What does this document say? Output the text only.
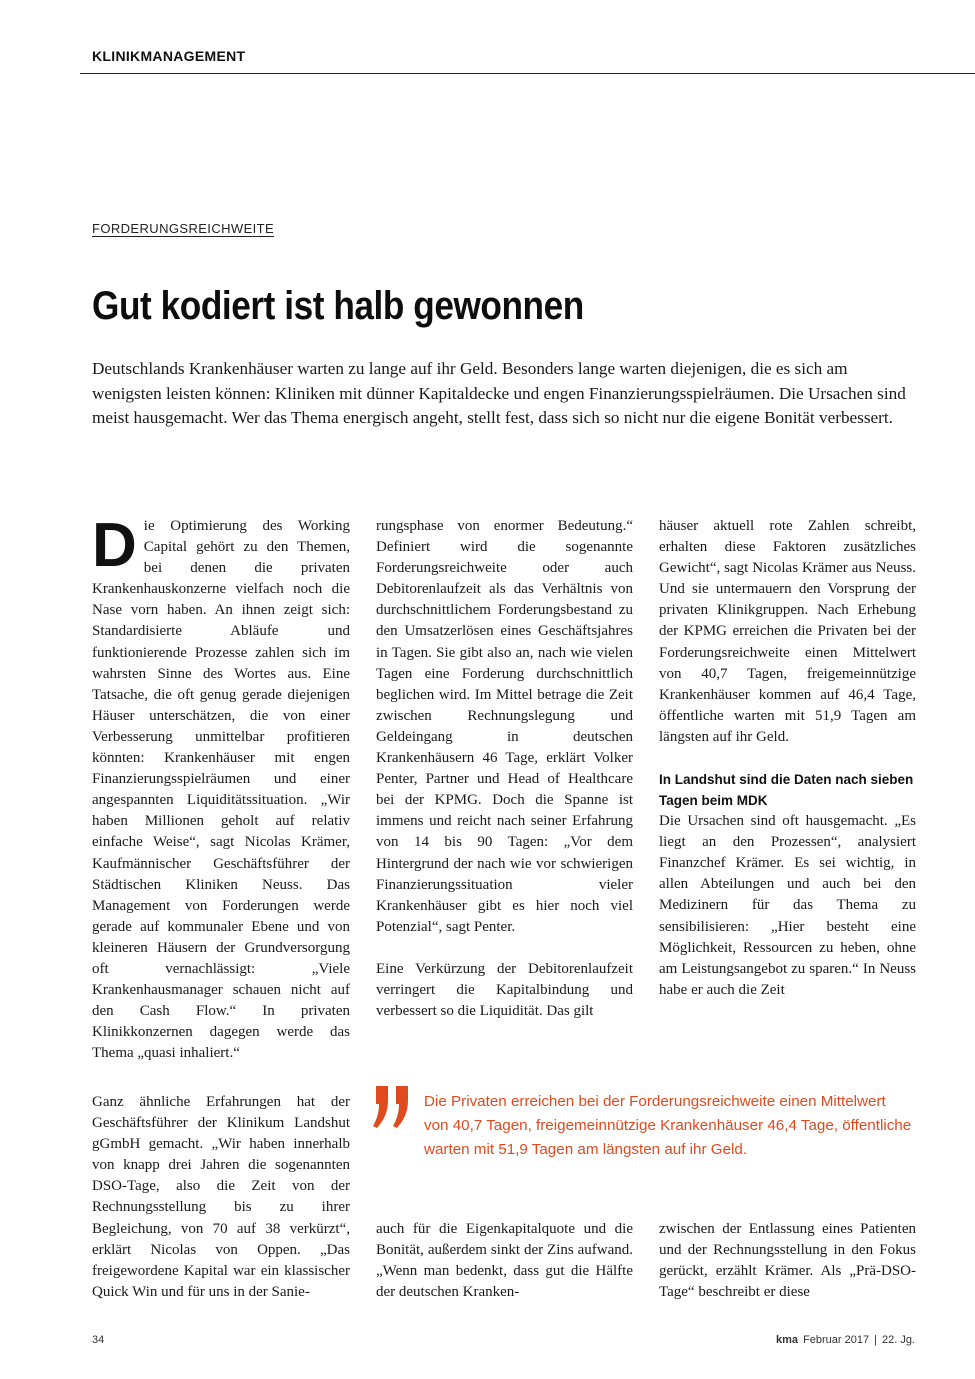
KLINIKMANAGEMENT
FORDERUNGSREICHWEITE
Gut kodiert ist halb gewonnen

Deutschlands Krankenhäuser warten zu lange auf ihr Geld. Besonders lange warten diejenigen, die es sich am wenigsten leisten können: Kliniken mit dünner Kapitaldecke und engen Finanzierungsspielräumen. Die Ursachen sind meist hausgemacht. Wer das Thema energisch angeht, stellt fest, dass sich so nicht nur die eigene Bonität verbessert.

Die Optimierung des Working Capital gehört zu den Themen, bei denen die privaten Krankenhauskonzerne vielfach noch die Nase vorn haben. An ihnen zeigt sich: Standardisierte Abläufe und funktionierende Prozesse zahlen sich im wahrsten Sinne des Wortes aus. Eine Tatsache, die oft genug gerade diejenigen Häuser unterschätzen, die von einer Verbesserung unmittelbar profitieren könnten: Krankenhäuser mit engen Finanzierungsspielräumen und einer angespannten Liquiditätssituation. „Wir haben Millionen geholt auf relativ einfache Weise“, sagt Nicolas Krämer, Kaufmännischer Geschäftsführer der Städtischen Kliniken Neuss. Das Management von Forderungen werde gerade auf kommunaler Ebene und von kleineren Häusern der Grundversorgung oft vernachlässigt: „Viele Krankenhausmanager schauen nicht auf den Cash Flow.“ In privaten Klinikkonzernen dagegen werde das Thema „quasi inhaliert.“

Ganz ähnliche Erfahrungen hat der Geschäftsführer der Klinikum Landshut gGmbH gemacht. „Wir haben innerhalb von knapp drei Jahren die sogenannten DSO-Tage, also die Zeit von der Rechnungsstellung bis zu ihrer Begleichung, von 70 auf 38 verkürzt“, erklärt Nicolas von Oppen. „Das freigewordene Kapital war ein klassischer Quick Win und für uns in der Sanie-

rungsphase von enormer Bedeutung.“ Definiert wird die sogenannte Forderungsreichweite oder auch Debitorenlaufzeit als das Verhältnis von durchschnittlichem Forderungsbestand zu den Umsatzerlösen eines Geschäftsjahres in Tagen. Sie gibt also an, nach wie vielen Tagen eine Forderung durchschnittlich beglichen wird. Im Mittel betrage die Zeit zwischen Rechnungslegung und Geldeingang in deutschen Krankenhäusern 46 Tage, erklärt Volker Penter, Partner und Head of Healthcare bei der KPMG. Doch die Spanne ist immens und reicht nach seiner Erfahrung von 14 bis 90 Tagen: „Vor dem Hintergrund der nach wie vor schwierigen Finanzierungssituation vieler Krankenhäuser gibt es hier noch viel Potenzial“, sagt Penter.

Eine Verkürzung der Debitorenlaufzeit verringert die Kapitalbindung und verbessert so die Liquidität. Das gilt

auch für die Eigenkapitalquote und die Bonität, außerdem sinkt der Zins aufwand. „Wenn man bedenkt, dass gut die Hälfte der deutschen Kranken-

häuser aktuell rote Zahlen schreibt, erhalten diese Faktoren zusätzliches Gewicht“, sagt Nicolas Krämer aus Neuss. Und sie untermauern den Vorsprung der privaten Klinikgruppen. Nach Erhebung der KPMG erreichen die Privaten bei der Forderungsreichweite einen Mittelwert von 40,7 Tagen, freigemeinnützige Krankenhäuser kommen auf 46,4 Tage, öffentliche warten mit 51,9 Tagen am längsten auf ihr Geld.

In Landshut sind die Daten nach sieben Tagen beim MDK

Die Ursachen sind oft hausgemacht. „Es liegt an den Prozessen“, analysiert Finanzchef Krämer. Es sei wichtig, in allen Abteilungen und auch bei den Medizinern für das Thema zu sensibilisieren: „Hier besteht eine Möglichkeit, Ressourcen zu heben, ohne am Leistungsangebot zu sparen.“ In Neuss habe er auch die Zeit

zwischen der Entlassung eines Patienten und der Rechnungsstellung in den Fokus gerückt, erzählt Krämer. Als „Prä-DSO-Tage“ beschreibt er diese

Die Privaten erreichen bei der Forderungsreichweite einen Mittelwert von 40,7 Tagen, freigemeinnützige Krankenhäuser 46,4 Tage, öffentliche warten mit 51,9 Tagen am längsten auf ihr Geld.

34	kma Februar 2017 | 22. Jg.
